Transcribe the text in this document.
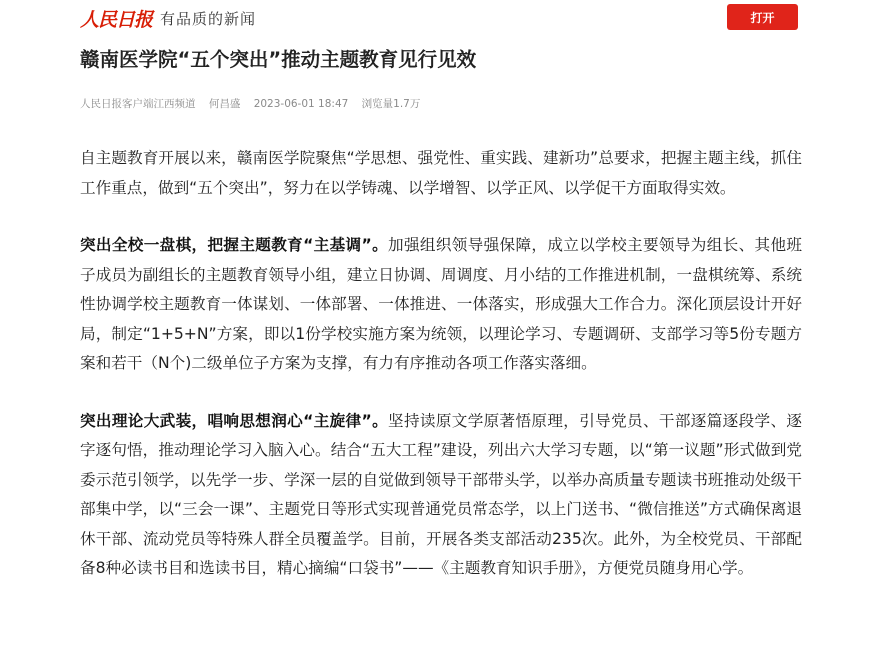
人民日报 有品质的新闻	打开
赣南医学院“五个突出”推动主题教育见行见效
人民日报客户端江西频道 何昌盛 2023-06-01 18:47 浏览量1.7万

自主题教育开展以来，赣南医学院聚焦“学思想、强党性、重实践、建新功”总要求，把握主题主线，抓住工作重点，做到“五个突出”，努力在以学铸魂、以学增智、以学正风、以学促干方面取得实效。

突出全校一盘棋，把握主题教育“主基调”。加强组织领导强保障，成立以学校主要领导为组长、其他班子成员为副组长的主题教育领导小组，建立日协调、周调度、月小结的工作推进机制，一盘棋统筹、系统性协调学校主题教育一体谋划、一体部署、一体推进、一体落实，形成强大工作合力。深化顶层设计开好局，制定“1+5+N”方案，即以1份学校实施方案为统领，以理论学习、专题调研、支部学习等5份专题方案和若干（N个)二级单位子方案为支撑，有力有序推动各项工作落实落细。

突出理论大武装，唱响思想润心“主旋律”。坚持读原文学原著悟原理，引导党员、干部逐篇逐段学、逐字逐句悟，推动理论学习入脑入心。结合“五大工程”建设，列出六大学习专题，以“第一议题”形式做到党委示范引领学，以先学一步、学深一层的自觉做到领导干部带头学，以举办高质量专题读书班推动处级干部集中学，以“三会一课”、主题党日等形式实现普通党员常态学，以上门送书、“微信推送”方式确保离退休干部、流动党员等特殊人群全员覆盖学。目前，开展各类支部活动235次。此外，为全校党员、干部配备8种必读书目和选读书目，精心摘编“口袋书”——《主题教育知识手册》，方便党员随身用心学。
